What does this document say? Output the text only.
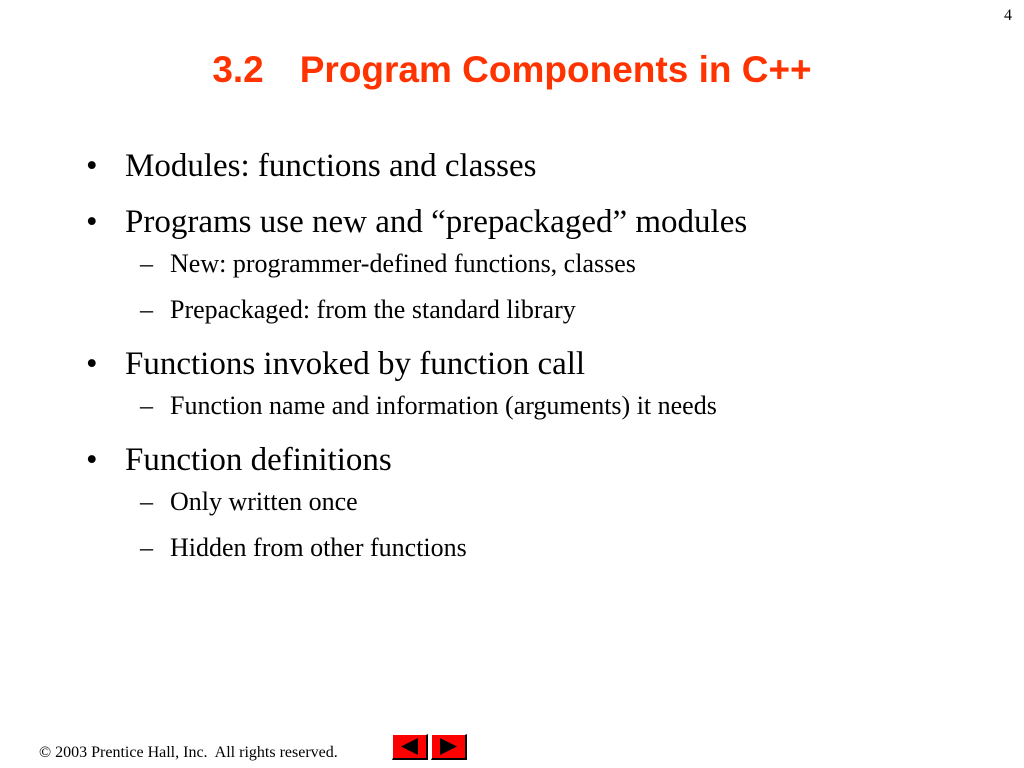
4
3.2 Program Components in C++
• Modules: functions and classes
• Programs use new and “prepackaged” modules
– New: programmer-defined functions, classes
– Prepackaged: from the standard library
• Functions invoked by function call
– Function name and information (arguments) it needs
• Function definitions
– Only written once
– Hidden from other functions
© 2003 Prentice Hall, Inc.  All rights reserved.
